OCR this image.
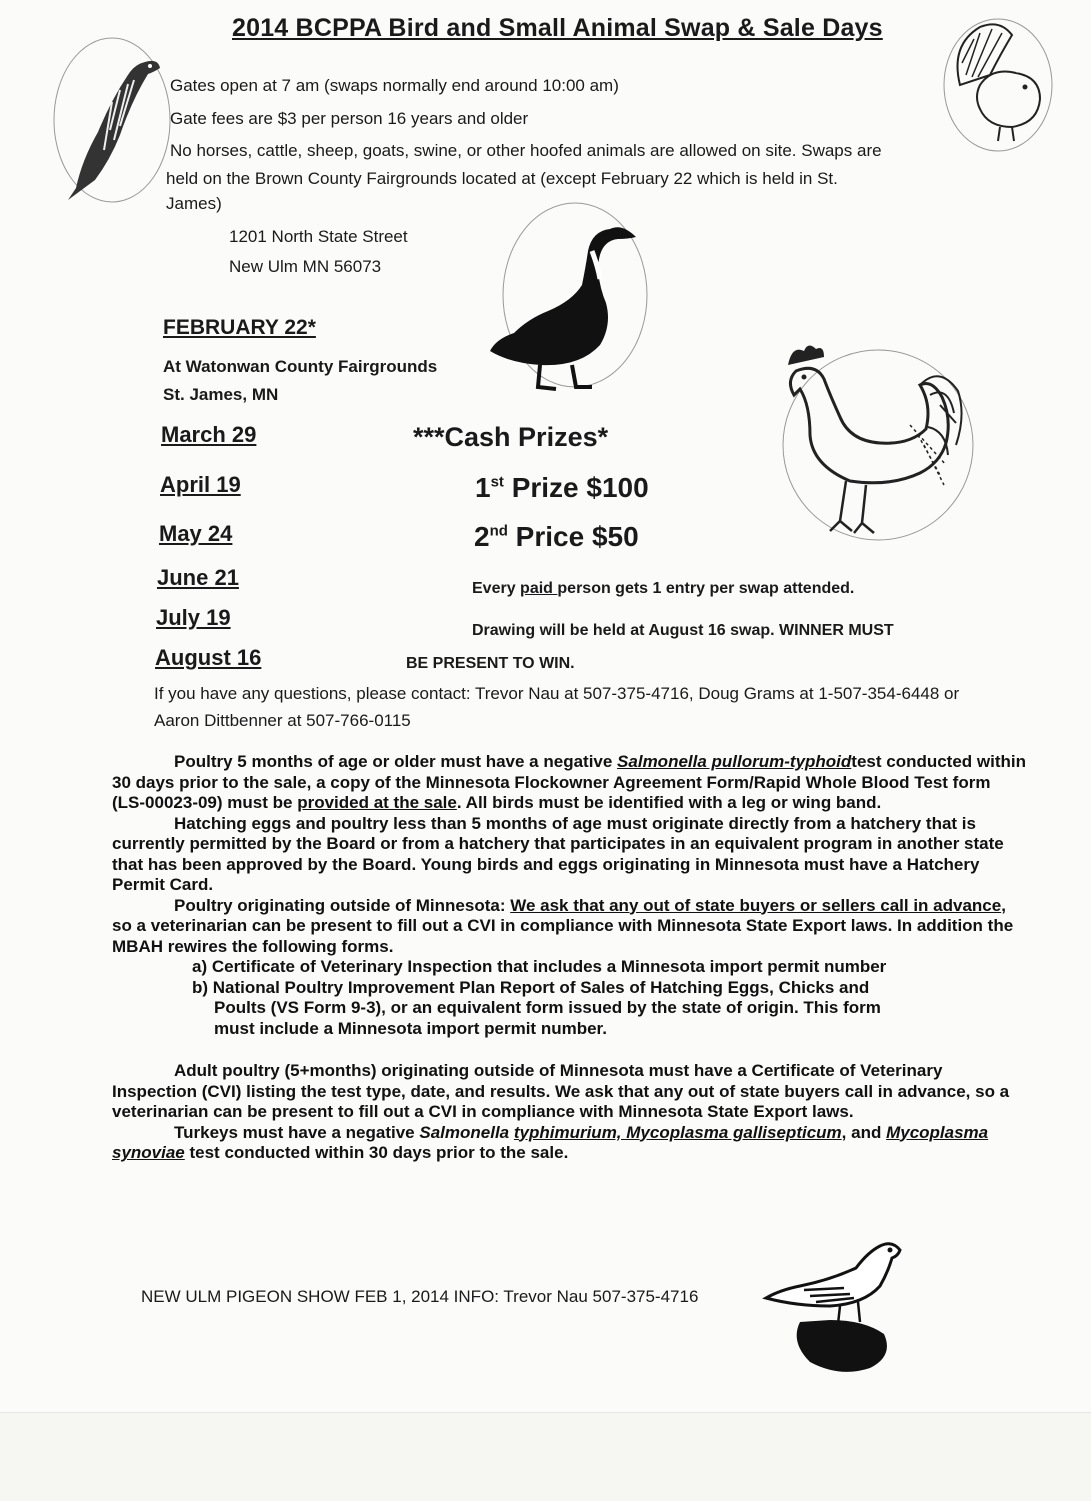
2014 BCPPA Bird and Small Animal Swap & Sale Days
Gates open at 7 am (swaps normally end around 10:00 am)
Gate fees are $3 per person 16 years and older
No horses, cattle, sheep, goats, swine, or other hoofed animals are allowed on site. Swaps are
held on the Brown County Fairgrounds located at (except February 22 which is held in St.
James)
1201 North State Street
New Ulm MN 56073
FEBRUARY 22*
At Watonwan County Fairgrounds
St. James, MN
March 29
April 19
May 24
June 21
July 19
August 16
***Cash Prizes*
1st Prize $100
2nd Price $50
Every paid person gets 1 entry per swap attended.
Drawing will be held at August 16 swap. WINNER MUST
BE PRESENT TO WIN.
If you have any questions, please contact: Trevor Nau at 507-375-4716, Doug Grams at 1-507-354-6448 or Aaron Dittbenner at 507-766-0115

Poultry 5 months of age or older must have a negative Salmonella pullorum-typhoidtest conducted within 30 days prior to the sale, a copy of the Minnesota Flockowner Agreement Form/Rapid Whole Blood Test form (LS-00023-09) must be provided at the sale. All birds must be identified with a leg or wing band.

Hatching eggs and poultry less than 5 months of age must originate directly from a hatchery that is currently permitted by the Board or from a hatchery that participates in an equivalent program in another state that has been approved by the Board. Young birds and eggs originating in Minnesota must have a Hatchery Permit Card.

Poultry originating outside of Minnesota: We ask that any out of state buyers or sellers call in advance, so a veterinarian can be present to fill out a CVI in compliance with Minnesota State Export laws. In addition the MBAH rewires the following forms.

a) Certificate of Veterinary Inspection that includes a Minnesota import permit number

b) National Poultry Improvement Plan Report of Sales of Hatching Eggs, Chicks and

Poults (VS Form 9-3), or an equivalent form issued by the state of origin. This form

must include a Minnesota import permit number.

Adult poultry (5+months) originating outside of Minnesota must have a Certificate of Veterinary Inspection (CVI) listing the test type, date, and results. We ask that any out of state buyers call in advance, so a veterinarian can be present to fill out a CVI in compliance with Minnesota State Export laws.

Turkeys must have a negative Salmonella typhimurium, Mycoplasma gallisepticum, and Mycoplasma synoviae test conducted within 30 days prior to the sale.

NEW ULM PIGEON SHOW FEB 1, 2014 INFO: Trevor Nau 507-375-4716
